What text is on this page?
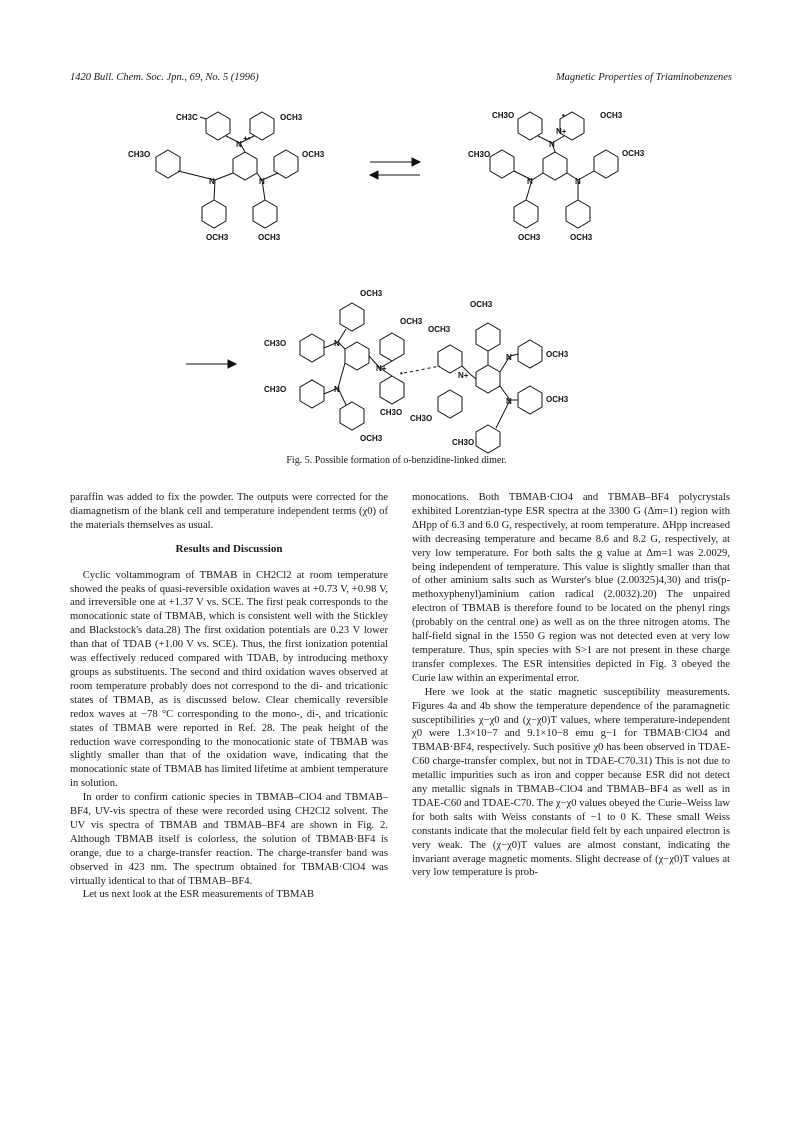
1420 Bull. Chem. Soc. Jpn., 69, No. 5 (1996)	Magnetic Properties of Triaminobenzenes
N
N	N
+•
CH3C	OCH3
CH3O	OCH3
OCH3	OCH3
N
N	N
N+
•
CH3O	OCH3
CH3O	OCH3
OCH3	OCH3
N
N
N+
•
OCH3
CH3O
CH3O
OCH3
OCH3
CH3O
N+
N
N
OCH3
OCH3
CH3O
OCH3
OCH3
CH3O
Fig. 5. Possible formation of o-benzidine-linked dimer.

paraffin was added to fix the powder. The outputs were corrected for the diamagnetism of the blank cell and temperature independent terms (χ0) of the materials themselves as usual.

Results and Discussion

Cyclic voltammogram of TBMAB in CH2Cl2 at room temperature showed the peaks of quasi-reversible oxidation waves at +0.73 V, +0.98 V, and irreversible one at +1.37 V vs. SCE. The first peak corresponds to the monocationic state of TBMAB, which is consistent well with the Stickley and Blackstock's data.28) The first oxidation potentials are 0.23 V lower than that of TDAB (+1.00 V vs. SCE). Thus, the first ionization potential was effectively reduced compared with TDAB, by introducing methoxy groups as substituents. The second and third oxidation waves observed at room temperature probably does not correspond to the di- and tricationic states of TBMAB, as is discussed below. Clear chemically reversible redox waves at −78 °C corresponding to the mono-, di-, and tricationic states of TBMAB were reported in Ref. 28. The peak height of the reduction wave corresponding to the monocationic state of TBMAB was slightly smaller than that of the oxidation wave, indicating that the monocationic state of TBMAB has limited lifetime at ambient temperature in solution.

In order to confirm cationic species in TBMAB–ClO4 and TBMAB–BF4, UV-vis spectra of these were recorded using CH2Cl2 solvent. The UV vis spectra of TBMAB and TBMAB–BF4 are shown in Fig. 2. Although TBMAB itself is colorless, the solution of TBMAB·BF4 is orange, due to a charge-transfer reaction. The charge-transfer band was observed in 423 nm. The spectrum obtained for TBMAB·ClO4 was virtually identical to that of TBMAB–BF4.

Let us next look at the ESR measurements of TBMAB

monocations. Both TBMAB·ClO4 and TBMAB–BF4 polycrystals exhibited Lorentzian-type ESR spectra at the 3300 G (Δm=1) region with ΔHpp of 6.3 and 6.0 G, respectively, at room temperature. ΔHpp increased with decreasing temperature and became 8.6 and 8.2 G, respectively, at very low temperature. For both salts the g value at Δm=1 was 2.0029, being independent of temperature. This value is slightly smaller than that of other aminium salts such as Wurster's blue (2.00325)4,30) and tris(p-methoxyphenyl)aminium cation radical (2.0032).20) The unpaired electron of TBMAB is therefore found to be located on the phenyl rings (probably on the central one) as well as on the three nitrogen atoms. The half-field signal in the 1550 G region was not detected even at very low temperature. Thus, spin species with S>1 are not present in these charge transfer complexes. The ESR intensities depicted in Fig. 3 obeyed the Curie law within an experimental error.

Here we look at the static magnetic susceptibility measurements. Figures 4a and 4b show the temperature dependence of the paramagnetic susceptibilities χ−χ0 and (χ−χ0)T values, where temperature-independent χ0 were 1.3×10−7 and 9.1×10−8 emu g−1 for TBMAB·ClO4 and TBMAB·BF4, respectively. Such positive χ0 has been observed in TDAE-C60 charge-transfer complex, but not in TDAE-C70.31) This is not due to metallic impurities such as iron and copper because ESR did not detect any metallic signals in TBMAB–ClO4 and TBMAB–BF4 as well as in TDAE-C60 and TDAE-C70. The χ−χ0 values obeyed the Curie–Weiss law for both salts with Weiss constants of −1 to 0 K. These small Weiss constants indicate that the molecular field felt by each unpaired electron is very weak. The (χ−χ0)T values are almost constant, indicating the invariant average magnetic moments. Slight decrease of (χ−χ0)T values at very low temperature is prob-
